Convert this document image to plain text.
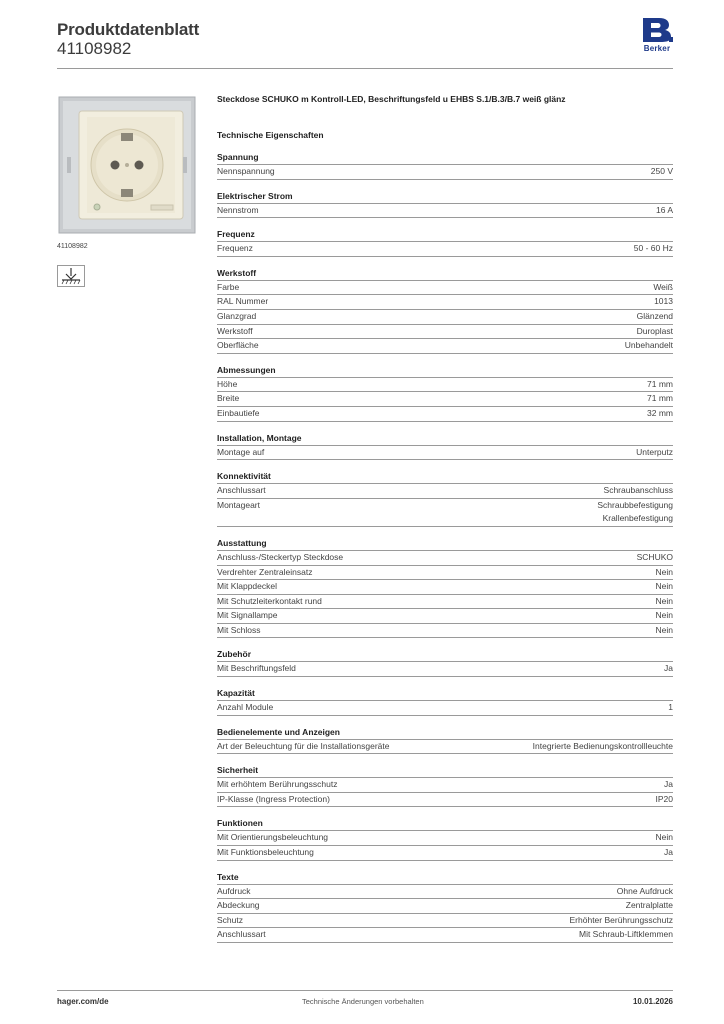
Produktdatenblatt
41108982	Berker
41108982
Steckdose SCHUKO m Kontroll-LED, Beschriftungsfeld u EHBS S.1/B.3/B.7 weiß glänz
Technische Eigenschaften
Spannung
Nennspannung	250 V
Elektrischer Strom
Nennstrom	16 A
Frequenz
Frequenz	50 - 60 Hz
Werkstoff
Farbe	Weiß
RAL Nummer	1013
Glanzgrad	Glänzend
Werkstoff	Duroplast
Oberfläche	Unbehandelt
Abmessungen
Höhe	71 mm
Breite	71 mm
Einbautiefe	32 mm
Installation, Montage
Montage auf	Unterputz
Konnektivität
Anschlussart	Schraubanschluss
Montageart	Schraubbefestigung
Krallenbefestigung
Ausstattung
Anschluss-/Steckertyp Steckdose	SCHUKO
Verdrehter Zentraleinsatz	Nein
Mit Klappdeckel	Nein
Mit Schutzleiterkontakt rund	Nein
Mit Signallampe	Nein
Mit Schloss	Nein
Zubehör
Mit Beschriftungsfeld	Ja
Kapazität
Anzahl Module	1
Bedienelemente und Anzeigen
Art der Beleuchtung für die Installationsgeräte	Integrierte Bedienungskontrollleuchte
Sicherheit
Mit erhöhtem Berührungsschutz	Ja
IP-Klasse (Ingress Protection)	IP20
Funktionen
Mit Orientierungsbeleuchtung	Nein
Mit Funktionsbeleuchtung	Ja
Texte
Aufdruck	Ohne Aufdruck
Abdeckung	Zentralplatte
Schutz	Erhöhter Berührungsschutz
Anschlussart	Mit Schraub-Liftklemmen
hager.com/de	Technische Änderungen vorbehalten	10.01.2026
